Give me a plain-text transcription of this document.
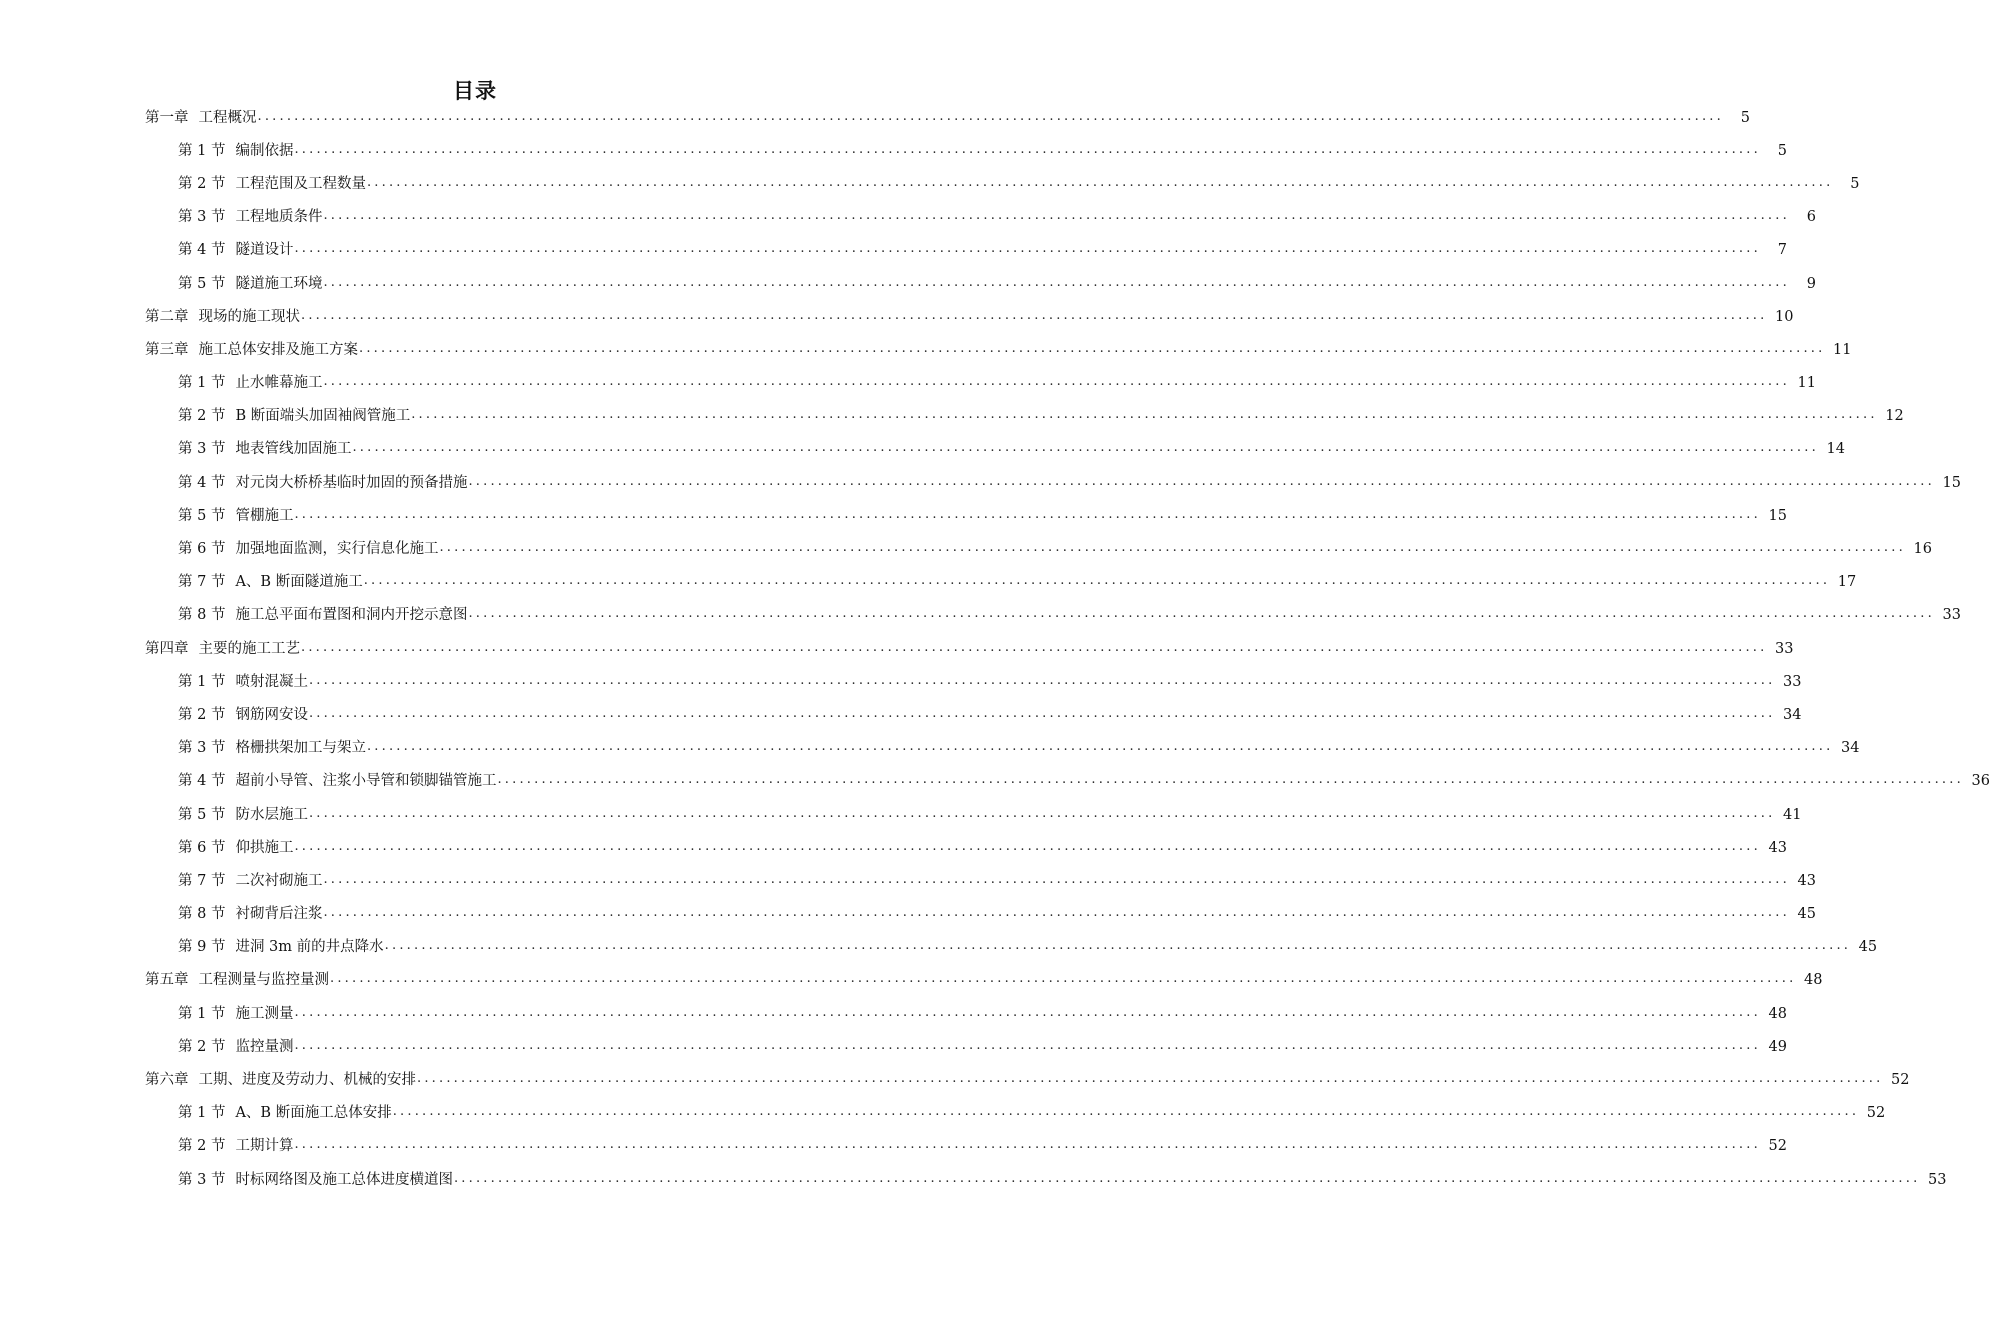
目录
第一章 工程概况 ........................................................................................................................................................................................................	5
第 1 节 编制依据 ........................................................................................................................................................................................................	5
第 2 节 工程范围及工程数量 ........................................................................................................................................................................................................	5
第 3 节 工程地质条件 ........................................................................................................................................................................................................	6
第 4 节 隧道设计 ........................................................................................................................................................................................................	7
第 5 节 隧道施工环境 ........................................................................................................................................................................................................	9
第二章 现场的施工现状 ........................................................................................................................................................................................................ 10
第三章 施工总体安排及施工方案 ........................................................................................................................................................................................................ 11
第 1 节 止水帷幕施工 ........................................................................................................................................................................................................ 11
第 2 节 B 断面端头加固袖阀管施工 ........................................................................................................................................................................................................ 12
第 3 节 地表管线加固施工 ........................................................................................................................................................................................................ 14
第 4 节 对元岗大桥桥基临时加固的预备措施 ........................................................................................................................................................................................................ 15
第 5 节 管棚施工 ........................................................................................................................................................................................................ 15
第 6 节 加强地面监测，实行信息化施工 ........................................................................................................................................................................................................ 16
第 7 节 A、B 断面隧道施工 ........................................................................................................................................................................................................ 17
第 8 节 施工总平面布置图和洞内开挖示意图 ........................................................................................................................................................................................................ 33
第四章 主要的施工工艺 ........................................................................................................................................................................................................ 33
第 1 节 喷射混凝土 ........................................................................................................................................................................................................ 33
第 2 节 钢筋网安设 ........................................................................................................................................................................................................ 34
第 3 节 格栅拱架加工与架立 ........................................................................................................................................................................................................ 34
第 4 节 超前小导管、注浆小导管和锁脚锚管施工 ........................................................................................................................................................................................................ 36
第 5 节 防水层施工 ........................................................................................................................................................................................................ 41
第 6 节 仰拱施工 ........................................................................................................................................................................................................ 43
第 7 节 二次衬砌施工 ........................................................................................................................................................................................................ 43
第 8 节 衬砌背后注浆 ........................................................................................................................................................................................................ 45
第 9 节 进洞 3m 前的井点降水 ........................................................................................................................................................................................................ 45
第五章 工程测量与监控量测 ........................................................................................................................................................................................................ 48
第 1 节 施工测量 ........................................................................................................................................................................................................ 48
第 2 节 监控量测 ........................................................................................................................................................................................................ 49
第六章 工期、进度及劳动力、机械的安排 ........................................................................................................................................................................................................ 52
第 1 节 A、B 断面施工总体安排 ........................................................................................................................................................................................................ 52
第 2 节 工期计算 ........................................................................................................................................................................................................ 52
第 3 节 时标网络图及施工总体进度横道图 ........................................................................................................................................................................................................ 53
